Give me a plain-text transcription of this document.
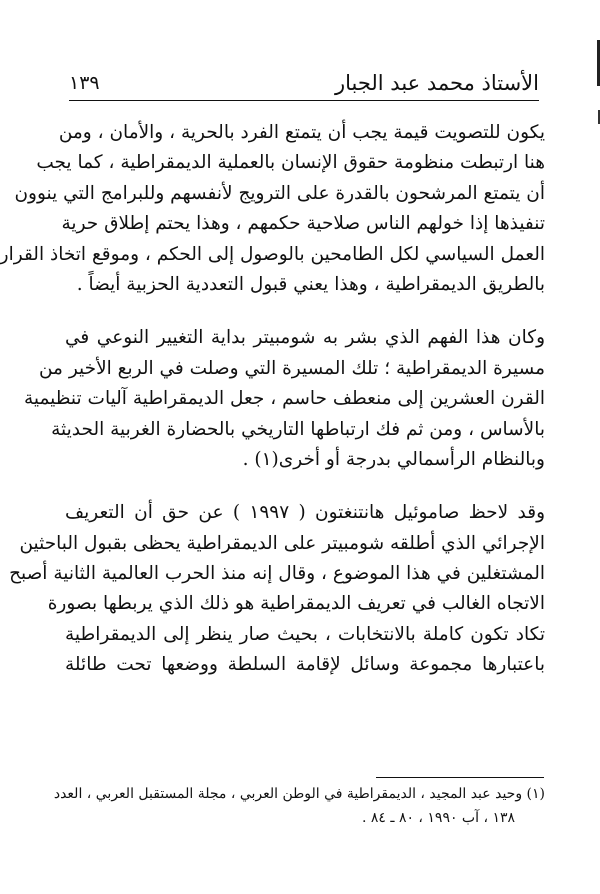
الأستاذ محمد عبد الجبار
١٣٩
يكون للتصويت قيمة يجب أن يتمتع الفرد بالحرية ، والأمان ، ومن
هنا ارتبطت منظومة حقوق الإنسان بالعملية الديمقراطية ، كما يجب
أن يتمتع المرشحون بالقدرة على الترويج لأنفسهم وللبرامج التي ينوون
تنفيذها إذا خولهم الناس صلاحية حكمهم ، وهذا يحتم إطلاق حرية
العمل السياسي لكل الطامحين بالوصول إلى الحكم ، وموقع اتخاذ القرار
بالطريق الديمقراطية ، وهذا يعني قبول التعددية الحزبية أيضاً .
وكان هذا الفهم الذي بشر به شومبيتر بداية التغيير النوعي في
مسيرة الديمقراطية ؛ تلك المسيرة التي وصلت في الربع الأخير من
القرن العشرين إلى منعطف حاسم ، جعل الديمقراطية آليات تنظيمية
بالأساس ، ومن ثم فك ارتباطها التاريخي بالحضارة الغربية الحديثة
وبالنظام الرأسمالي بدرجة أو أخرى(١) .
وقد لاحظ صاموئيل هانتنغتون ( ١٩٩٧ ) عن حق أن التعريف
الإجرائي الذي أطلقه شومبيتر على الديمقراطية يحظى بقبول الباحثين
المشتغلين في هذا الموضوع ، وقال إنه منذ الحرب العالمية الثانية أصبح
الاتجاه الغالب في تعريف الديمقراطية هو ذلك الذي يربطها بصورة
تكاد تكون كاملة بالانتخابات ، بحيث صار ينظر إلى الديمقراطية
باعتبارها مجموعة وسائل لإقامة السلطة ووضعها تحت طائلة
(١) وحيد عبد المجيد ، الديمقراطية في الوطن العربي ، مجلة المستقبل العربي ، العدد
١٣٨ ، آب ١٩٩٠ ، ٨٠ ـ ٨٤ .
